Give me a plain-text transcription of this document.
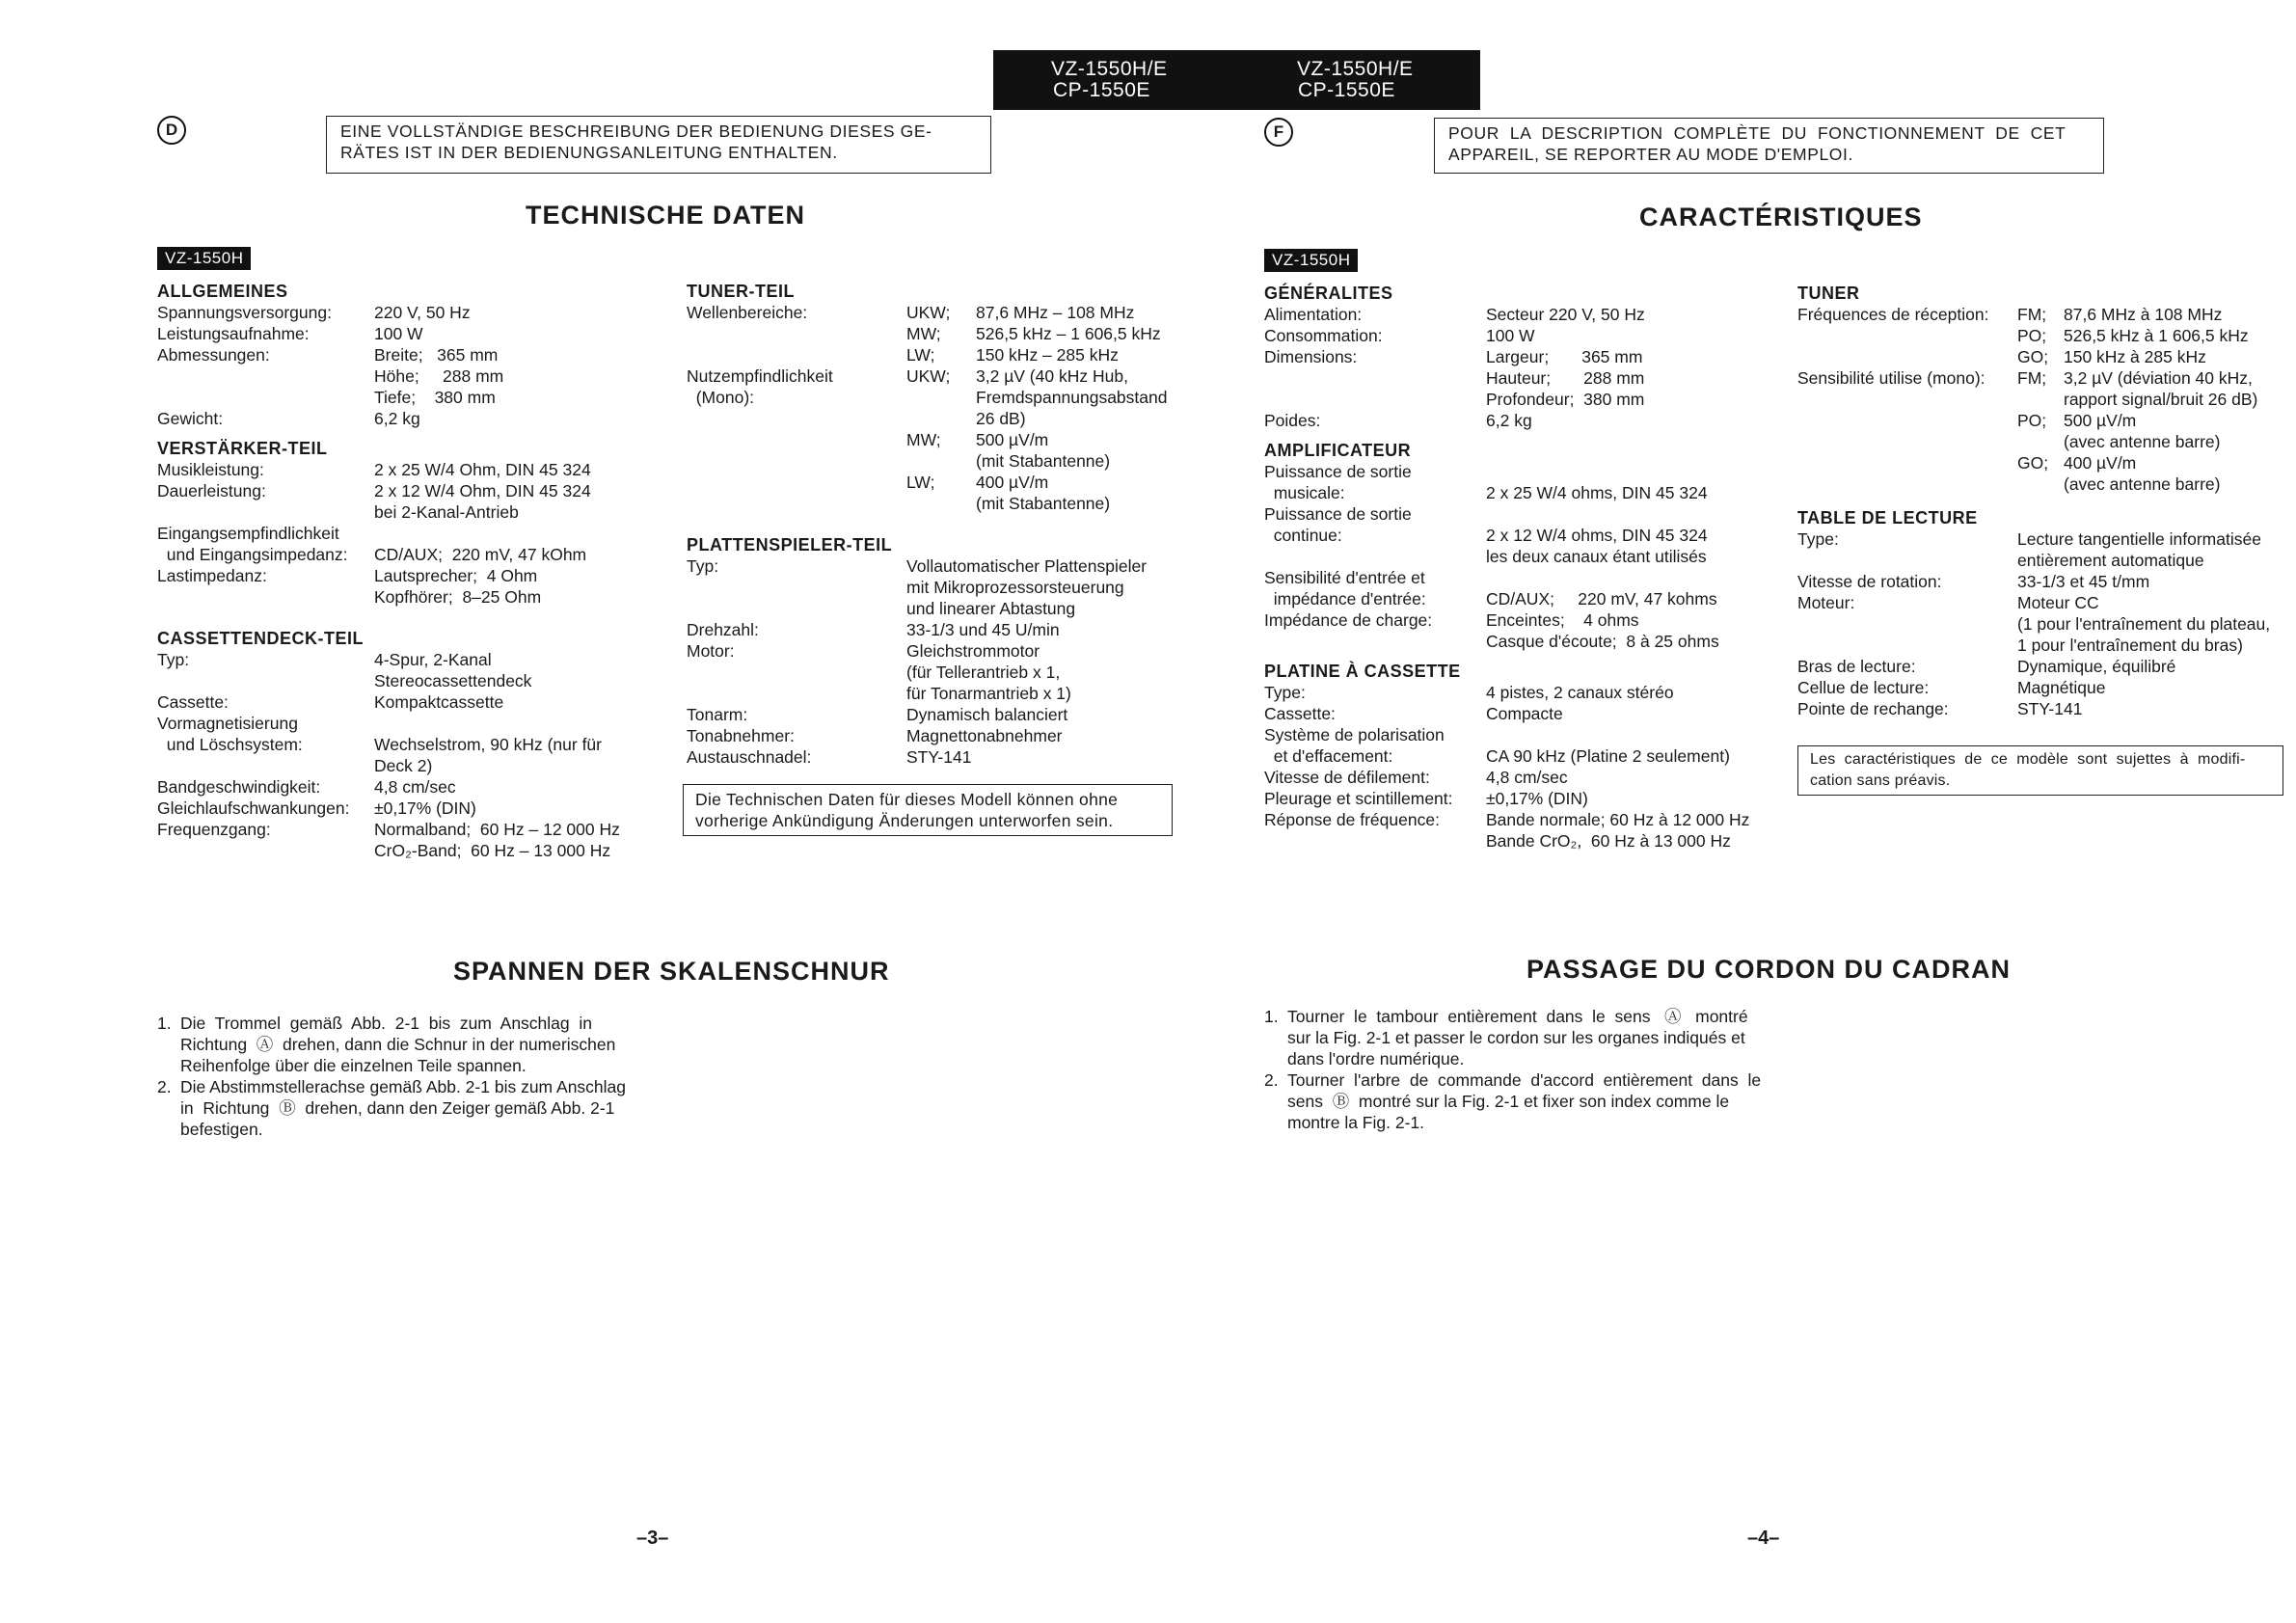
VZ-1550H/E
CP-1550E
VZ-1550H/E
CP-1550E
D	EINE VOLLSTÄNDIGE BESCHREIBUNG DER BEDIENUNG DIESES GE-
RÄTES IST IN DER BEDIENUNGSANLEITUNG ENTHALTEN.
TECHNISCHE DATEN
VZ-1550H
ALLGEMEINES
Spannungsversorgung:	220 V, 50 Hz
Leistungsaufnahme:	100 W
Abmessungen:	Breite;   365 mm
Höhe;     288 mm
Tiefe;    380 mm
Gewicht:	6,2 kg
VERSTÄRKER-TEIL
Musikleistung:	2 x 25 W/4 Ohm, DIN 45 324
Dauerleistung:	2 x 12 W/4 Ohm, DIN 45 324
bei 2-Kanal-Antrieb
Eingangsempfindlichkeit
und Eingangsimpedanz:	CD/AUX;  220 mV, 47 kOhm
Lastimpedanz:	Lautsprecher;  4 Ohm
Kopfhörer;  8–25 Ohm
CASSETTENDECK-TEIL
Typ:	4-Spur, 2-Kanal
Stereocassettendeck
Cassette:	Kompaktcassette
Vormagnetisierung
und Löschsystem:	Wechselstrom, 90 kHz (nur für
Deck 2)
Bandgeschwindigkeit:	4,8 cm/sec
Gleichlaufschwankungen:	±0,17% (DIN)
Frequenzgang:	Normalband;  60 Hz – 12 000 Hz
CrO₂-Band;  60 Hz – 13 000 Hz
TUNER-TEIL
Wellenbereiche:	UKW;	87,6 MHz – 108 MHz
MW;	526,5 kHz – 1 606,5 kHz
LW;	150 kHz – 285 kHz
Nutzempfindlichkeit	UKW;	3,2 µV (40 kHz Hub,
(Mono):	Fremdspannungsabstand
26 dB)
MW;	500 µV/m
(mit Stabantenne)
LW;	400 µV/m
(mit Stabantenne)
PLATTENSPIELER-TEIL
Typ:	Vollautomatischer Plattenspieler
mit Mikroprozessorsteuerung
und linearer Abtastung
Drehzahl:	33-1/3 und 45 U/min
Motor:	Gleichstrommotor
(für Tellerantrieb x 1,
für Tonarmantrieb x 1)
Tonarm:	Dynamisch balanciert
Tonabnehmer:	Magnettonabnehmer
Austauschnadel:	STY-141
Die Technischen Daten für dieses Modell können ohne
vorherige Ankündigung Änderungen unterworfen sein.
SPANNEN DER SKALENSCHNUR
1. Die  Trommel  gemäß  Abb.  2-1  bis  zum  Anschlag  in
Richtung  Ⓐ  drehen, dann die Schnur in der numerischen
Reihenfolge über die einzelnen Teile spannen.
2. Die Abstimmstellerachse gemäß Abb. 2-1 bis zum Anschlag
in  Richtung  Ⓑ  drehen, dann den Zeiger gemäß Abb. 2-1
befestigen.
–3–
F	POUR  LA  DESCRIPTION  COMPLÈTE  DU  FONCTIONNEMENT  DE  CET
APPAREIL, SE REPORTER AU MODE D'EMPLOI.
CARACTÉRISTIQUES
VZ-1550H
GÉNÉRALITES
Alimentation:	Secteur 220 V, 50 Hz
Consommation:	100 W
Dimensions:	Largeur;       365 mm
Hauteur;       288 mm
Profondeur;  380 mm
Poides:	6,2 kg
AMPLIFICATEUR
Puissance de sortie
musicale:	2 x 25 W/4 ohms, DIN 45 324
Puissance de sortie
continue:	2 x 12 W/4 ohms, DIN 45 324
les deux canaux étant utilisés
Sensibilité d'entrée et
impédance d'entrée:	CD/AUX;     220 mV, 47 kohms
Impédance de charge:	Enceintes;    4 ohms
Casque d'écoute;  8 à 25 ohms
PLATINE À CASSETTE
Type:	4 pistes, 2 canaux stéréo
Cassette:	Compacte
Système de polarisation
et d'effacement:	CA 90 kHz (Platine 2 seulement)
Vitesse de défilement:	4,8 cm/sec
Pleurage et scintillement:	±0,17% (DIN)
Réponse de fréquence:	Bande normale; 60 Hz à 12 000 Hz
Bande CrO₂,  60 Hz à 13 000 Hz
TUNER
Fréquences de réception:	FM;	87,6 MHz à 108 MHz
PO;	526,5 kHz à 1 606,5 kHz
GO; 150 kHz à 285 kHz
Sensibilité utilise (mono):	FM;	3,2 µV (déviation 40 kHz,
rapport signal/bruit 26 dB)
PO;	500 µV/m
(avec antenne barre)
GO; 400 µV/m
(avec antenne barre)
TABLE DE LECTURE
Type:	Lecture tangentielle informatisée
entièrement automatique
Vitesse de rotation:	33-1/3 et 45 t/mm
Moteur:	Moteur CC
(1 pour l'entraînement du plateau,
1 pour l'entraînement du bras)
Bras de lecture:	Dynamique, équilibré
Cellue de lecture:	Magnétique
Pointe de rechange:	STY-141
Les  caractéristiques  de  ce  modèle  sont  sujettes  à  modifi-
cation sans préavis.
PASSAGE DU CORDON DU CADRAN
1. Tourner  le  tambour  entièrement  dans  le  sens   Ⓐ   montré
sur la Fig. 2-1 et passer le cordon sur les organes indiqués et
dans l'ordre numérique.
2. Tourner  l'arbre  de  commande  d'accord  entièrement  dans  le
sens  Ⓑ  montré sur la Fig. 2-1 et fixer son index comme le
montre la Fig. 2-1.
–4–
